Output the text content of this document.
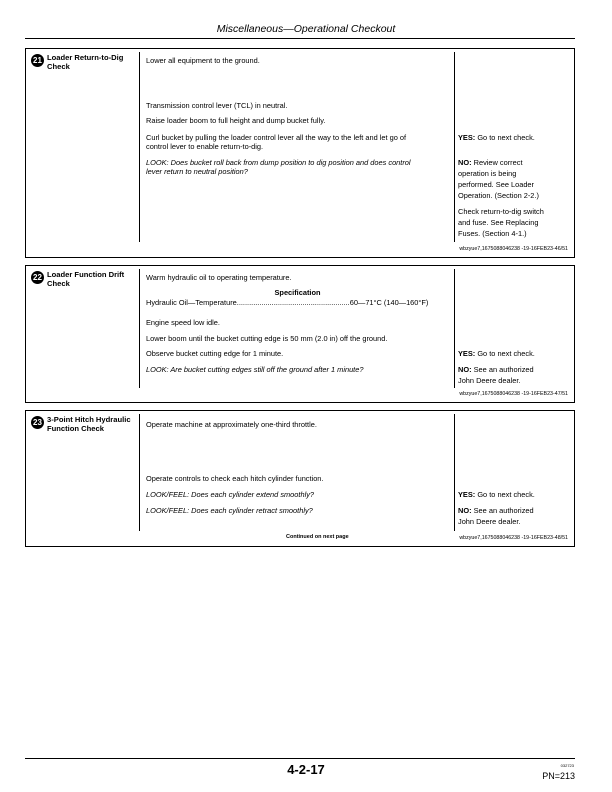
Miscellaneous—Operational Checkout
21 Loader Return-to-Dig Check
Lower all equipment to the ground.
Transmission control lever (TCL) in neutral.
Raise loader boom to full height and dump bucket fully.
Curl bucket by pulling the loader control lever all the way to the left and let go of
control lever to enable return-to-dig.
LOOK: Does bucket roll back from dump position to dig position and does control
lever return to neutral position?
YES: Go to next check.
NO: Review correct
operation is being
performed. See Loader
Operation. (Section 2-2.)
Check return-to-dig switch
and fuse. See Replacing
Fuses. (Section 4-1.)
wbzyue7,1675088046238 -19-16FEB23-46/51
22 Loader Function Drift Check
Warm hydraulic oil to operating temperature.
Specification
Hydraulic Oil—Temperature.......................................................60—71°C (140—160°F)
Engine speed low idle.
Lower boom until the bucket cutting edge is 50 mm (2.0 in) off the ground.
Observe bucket cutting edge for 1 minute.
LOOK: Are bucket cutting edges still off the ground after 1 minute?
YES: Go to next check.
NO: See an authorized
John Deere dealer.
wbzyue7,1675088046238 -19-16FEB23-47/51
23 3-Point Hitch Hydraulic Function Check	Operate machine at approximately one-third throttle.
Operate controls to check each hitch cylinder function.
LOOK/FEEL: Does each cylinder extend smoothly?
LOOK/FEEL: Does each cylinder retract smoothly?
YES: Go to next check.
NO: See an authorized
John Deere dealer.
Continued on next page	wbzyue7,1675088046238 -19-16FEB23-48/51
4-2-17	032723
PN=213
